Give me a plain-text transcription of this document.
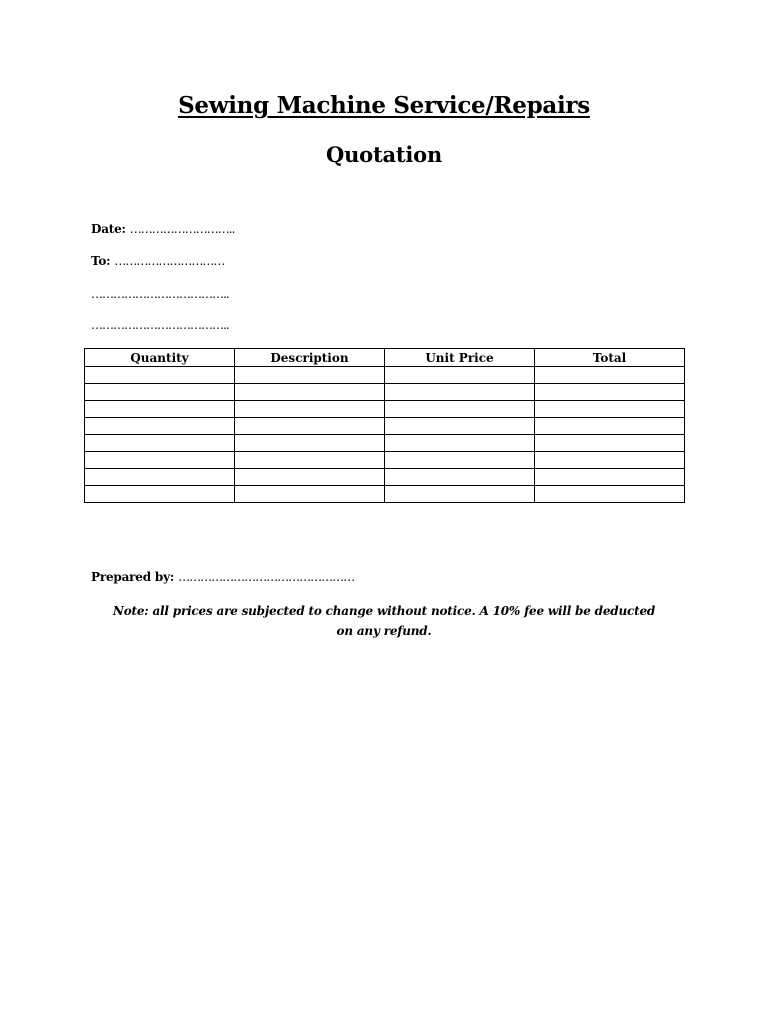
Sewing Machine Service/Repairs
Quotation
Date: ………………………..
To: …………………………
………………………………..
………………………………..
Quantity	Description	Unit Price	Total

Prepared by: …………………………………………
Note: all prices are subjected to change without notice. A 10% fee will be deducted on any refund.
